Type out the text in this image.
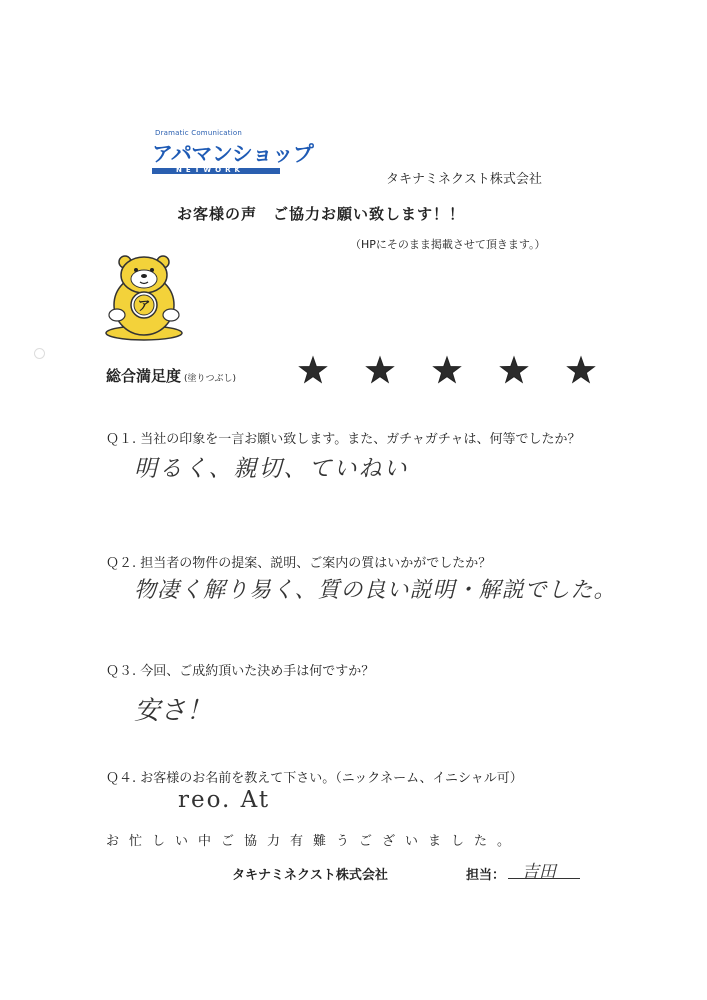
Dramatic Comunication
アパマンショップ
NETWORK
タキナミネクスト株式会社
お客様の声　ご協力お願い致します！！
（HPにそのまま掲載させて頂きます。）
ア
総合満足度 (塗りつぶし)
Ｑ１. 当社の印象を一言お願い致します。また、ガチャガチャは、何等でしたか？
明るく、親切、ていねい
Ｑ２. 担当者の物件の提案、説明、ご案内の質はいかがでしたか？
物凄く解り易く、質の良い説明・解説でした。
Ｑ３. 今回、ご成約頂いた決め手は何ですか？
安さ！
Ｑ４. お客様のお名前を教えて下さい。（ニックネーム、イニシャル可）
reo. At
お忙しい中ご協力有難うございました。
タキナミネクスト株式会社	担当： 吉田
